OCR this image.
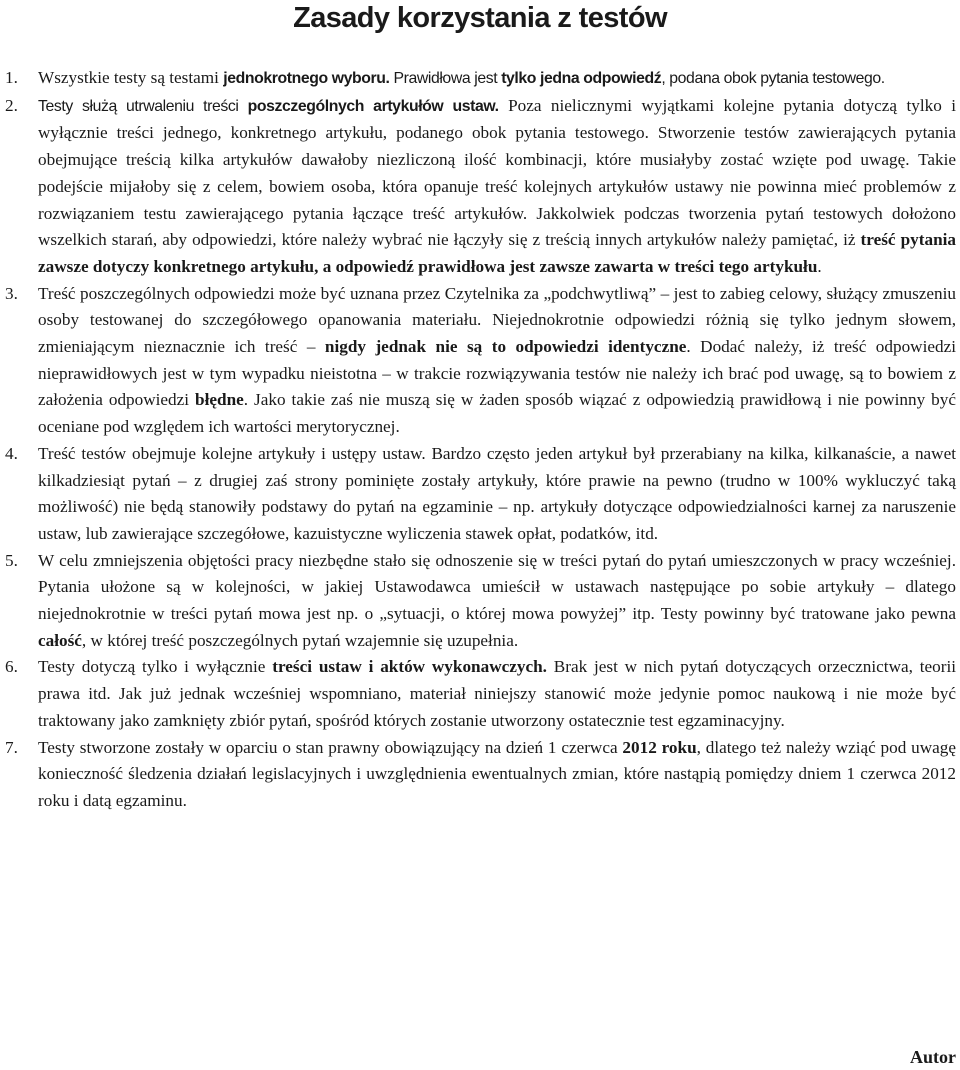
Zasady korzystania z testów
1.	Wszystkie testy są testami jednokrotnego wyboru. Prawidłowa jest tylko jedna odpowiedź, podana obok pytania testowego.
2.	Testy służą utrwaleniu treści poszczególnych artykułów ustaw. Poza nielicznymi wyjątkami kolejne pytania dotyczą tylko i wyłącznie treści jednego, konkretnego artykułu, podanego obok pytania testowego. Stworzenie testów zawierających pytania obejmujące treścią kilka artykułów dawałoby niezliczoną ilość kombinacji, które musiałyby zostać wzięte pod uwagę. Takie podejście mijałoby się z celem, bowiem osoba, która opanuje treść kolejnych artykułów ustawy nie powinna mieć problemów z rozwiązaniem testu zawierającego pytania łączące treść artykułów. Jakkolwiek podczas tworzenia pytań testowych dołożono wszelkich starań, aby odpowiedzi, które należy wybrać nie łączyły się z treścią innych artykułów należy pamiętać, iż treść pytania zawsze dotyczy konkretnego artykułu, a odpowiedź prawidłowa jest zawsze zawarta w treści tego artykułu.
3.	Treść poszczególnych odpowiedzi może być uznana przez Czytelnika za „podchwytliwą” – jest to zabieg celowy, służący zmuszeniu osoby testowanej do szczegółowego opanowania materiału. Niejednokrotnie odpowiedzi różnią się tylko jednym słowem, zmieniającym nieznacznie ich treść – nigdy jednak nie są to odpowiedzi identyczne. Dodać należy, iż treść odpowiedzi nieprawidłowych jest w tym wypadku nieistotna – w trakcie rozwiązywania testów nie należy ich brać pod uwagę, są to bowiem z założenia odpowiedzi błędne. Jako takie zaś nie muszą się w żaden sposób wiązać z odpowiedzią prawidłową i nie powinny być oceniane pod względem ich wartości merytorycznej.
4.	Treść testów obejmuje kolejne artykuły i ustępy ustaw. Bardzo często jeden artykuł był przerabiany na kilka, kilkanaście, a nawet kilkadziesiąt pytań – z drugiej zaś strony pominięte zostały artykuły, które prawie na pewno (trudno w 100% wykluczyć taką możliwość) nie będą stanowiły podstawy do pytań na egzaminie – np. artykuły dotyczące odpowiedzialności karnej za naruszenie ustaw, lub zawierające szczegółowe, kazuistyczne wyliczenia stawek opłat, podatków, itd.
5.	W celu zmniejszenia objętości pracy niezbędne stało się odnoszenie się w treści pytań do pytań umieszczonych w pracy wcześniej. Pytania ułożone są w kolejności, w jakiej Ustawodawca umieścił w ustawach następujące po sobie artykuły – dlatego niejednokrotnie w treści pytań mowa jest np. o „sytuacji, o której mowa powyżej” itp. Testy powinny być tratowane jako pewna całość, w której treść poszczególnych pytań wzajemnie się uzupełnia.
6.	Testy dotyczą tylko i wyłącznie treści ustaw i aktów wykonawczych. Brak jest w nich pytań dotyczących orzecznictwa, teorii prawa itd. Jak już jednak wcześniej wspomniano, materiał niniejszy stanowić może jedynie pomoc naukową i nie może być traktowany jako zamknięty zbiór pytań, spośród których zostanie utworzony ostatecznie test egzaminacyjny.
7.	Testy stworzone zostały w oparciu o stan prawny obowiązujący na dzień 1 czerwca 2012 roku, dlatego też należy wziąć pod uwagę konieczność śledzenia działań legislacyjnych i uwzględnienia ewentualnych zmian, które nastąpią pomiędzy dniem 1 czerwca 2012 roku i datą egzaminu.
Autor
